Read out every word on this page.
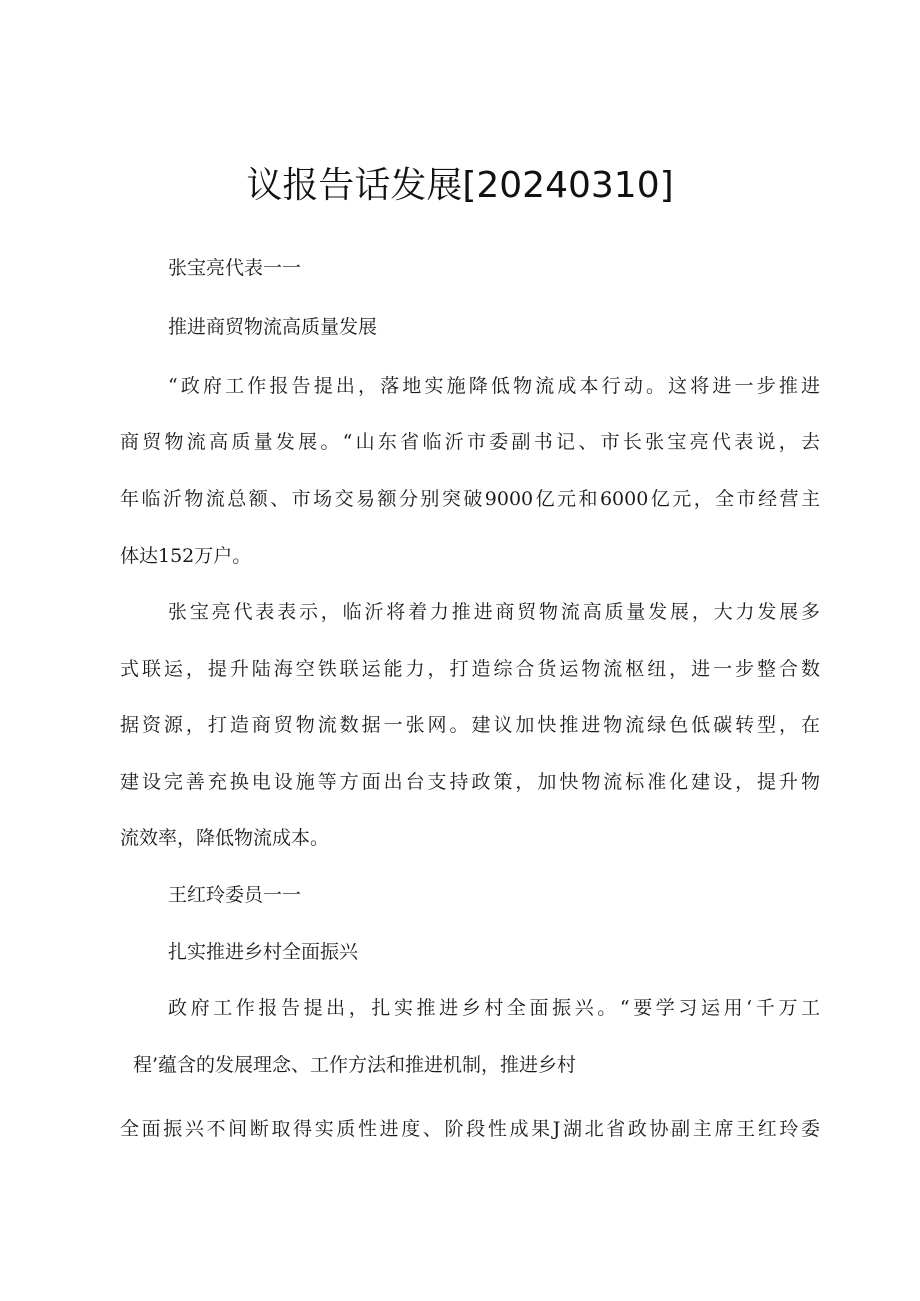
议报告话发展[20240310]
张宝亮代表一一
推进商贸物流高质量发展
“政府工作报告提出，落地实施降低物流成本行动。这将进一步推进
商贸物流高质量发展。“山东省临沂市委副书记、市长张宝亮代表说，去
年临沂物流总额、市场交易额分别突破9000亿元和6000亿元，全市经营主
体达152万户。
张宝亮代表表示，临沂将着力推进商贸物流高质量发展，大力发展多
式联运，提升陆海空铁联运能力，打造综合货运物流枢纽，进一步整合数
据资源，打造商贸物流数据一张网。建议加快推进物流绿色低碳转型，在
建设完善充换电设施等方面出台支持政策，加快物流标准化建设，提升物
流效率，降低物流成本。
王红玲委员一一
扎实推进乡村全面振兴
政府工作报告提出，扎实推进乡村全面振兴。“要学习运用‘千万工
程’蕴含的发展理念、工作方法和推进机制，推进乡村
全面振兴不间断取得实质性进度、阶段性成果J湖北省政协副主席王红玲委
